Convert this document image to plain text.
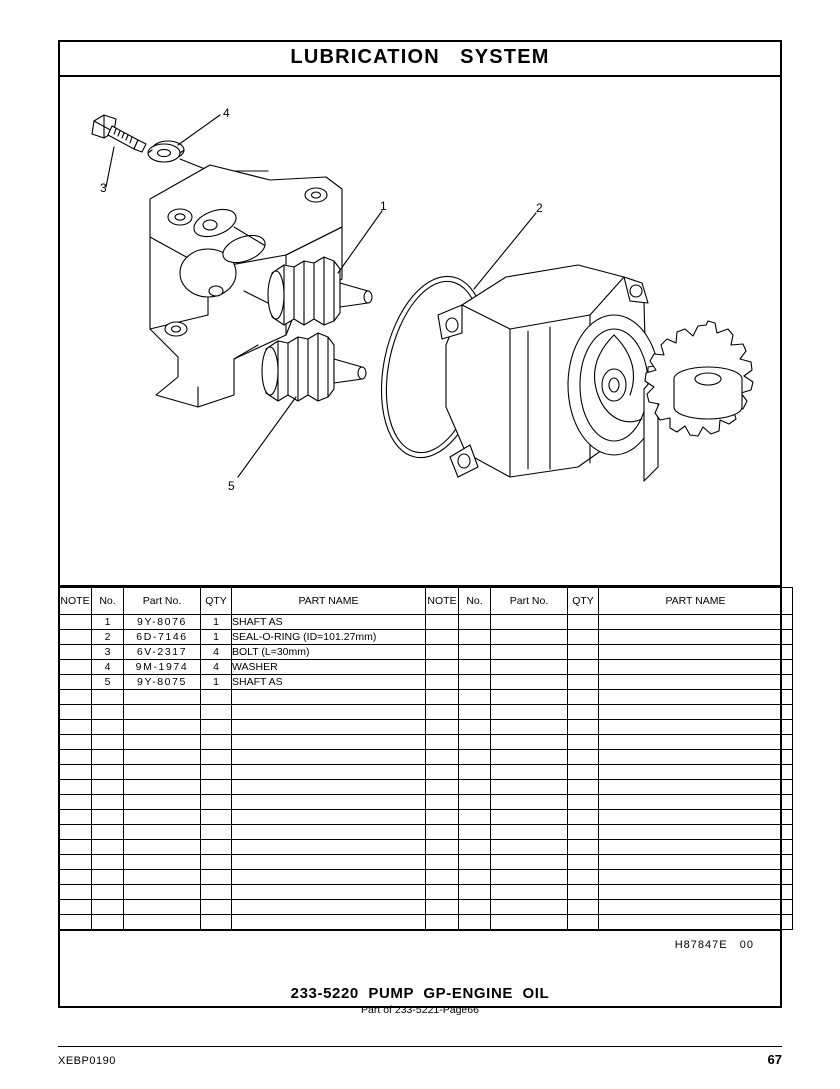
LUBRICATION   SYSTEM
4
3
1	2
5
NOTE	No.	Part No.	QTY	PART NAME	NOTE	No.	Part No.	QTY	PART NAME
	1	9Y-8076	1	SHAFT AS					
	2	6D-7146	1	SEAL-O-RING (ID=101.27mm)					
	3	6V-2317	4	BOLT (L=30mm)					
	4	9M-1974	4	WASHER					
	5	9Y-8075	1	SHAFT AS					

H87847E   00
233-5220  PUMP  GP-ENGINE  OIL
Part of 233-5221-Page66
XEBP0190	67
